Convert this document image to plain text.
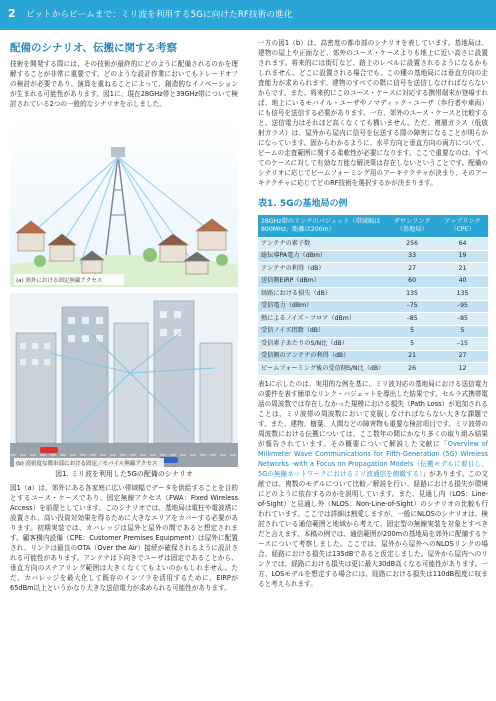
2 ビットからビームまで：ミリ波を利用する5Gに向けたRF技術の進化
配備のシナリオ、伝搬に関する考察

技術を開発する際には、その技術が最終的にどのように配備されるのかを理解することが非常に重要です。どのような設計作業においてもトレードオフの検討が必要であり、演算を重ねることによって、創造的なイノベーションが生まれる可能性があります。図1に、現在28GHz帯と39GHz帯について検討されている2つの一般的なシナリオを示しました。

(a) 郊外における固定無線アクセス
(b) 高密度な都市部における固定／モバイル無線アクセス
図1. ミリ波を利用した5Gの配備のシナリオ

図1（a）は、郊外にある各家庭に広い帯域幅でデータを供給することを目的とするユース・ケースであり、固定無線アクセス（FWA：Fixed Wireless Access）を前提としています。このシナリオでは、基地局は電柱や電波塔に設置され、高い投資対効果を得るために大きなエリアをカバーする必要があります。初期実装では、カバレッジは屋外と屋外の間であると想定されます。顧客構内設備（CPE：Customer Premises Equipment）は屋外に配置され、リンクは最良のOTA（Over the Air）接続が確保されるように設計される可能性があります。アンテナは下向きでユーザは固定であることから、垂直方向のステアリング範囲は大きくなくてもよいのかもしれません。ただ、カバレッジを最大化して既存のインフラを活用するために、EIRPが65dBm以上というかなり大きな送信電力が求められる可能性があります。

一方の図1（b）は、高密度の都市部のシナリオを表しています。基地局は、建物の屋上や正面など、郊外のユース・ケースよりも地上に近い高さに設置されます。将来的には街灯など、路上のレベルに設置されるようになるかもしれません。どこに設置される場合でも、この種の基地局には垂直方向の走査能力が求められます。建物のすべての階に信号を送信しなければならないからです。また、将来的にこのユース・ケースに対応する携帯端末が登場すれば、地上にいるモバイル・ユーザやノマディック・ユーザ（歩行者や車両）にも信号を送信する必要があります。一方、郊外のユース・ケースと比較すると、送信電力はそれほど高くなくても構いません。ただ、複層ガラス（低放射ガラス）は、屋外から屋内に信号を伝送する際の障害になることが明らかになっています。固からわかるように、水平方向と垂直方向の両方について、ビームの走査範囲に関する柔軟性が必要になります。ここで重要なのは、すべてのケースに対して有効な万能な解決策は存在しないということです。配備のシナリオに応じてビームフォーミング用のアーキテクチャが決まり、そのアーキテクチャに応じてどのRF技術を選択するかが決まります。

表1. 5Gの基地局の例
28GHz帯のリンクのバジェット（帯域幅は800MHz、距離は200m）	ダウンリンク（基地局）	アップリンク（CPE）
アンテナの素子数	256	64
総伝導PA電力（dBm）	33	19
アンテナの利得（dB）	27	21
送信側EIRP（dBm）	60	40
経路における損失（dB）	135	135
受信電力（dBm）	–75	–95
熱によるノイズ・フロア（dBm）	–85	–85
受信ノイズ指数（dB）	5	5
受信素子あたりのS/N比（dB）	5	–15
受信側のアンテナの利得（dB）	21	27
ビームフォーミング後の受信側S/N比（dB）	26	12

表1に示したのは、実用的な例を基に、ミリ波対応の基地局における送信電力の要件を表す簡単なリンク・バジェットを導出した結果です。セルラ式携帯電話の周波数では存在しなかった規模における損失（Path Loss）が追加されることは、ミリ波帯の周波数において克服しなければならない大きな課題です。また、建物、樹葉、人間などの障害物も重要な検討項目です。ミリ波帯の周波数における伝搬については、ここ数年の間にかなり多くの取り組み結果が報告されています。その概要について解説した文献に「Overview of Millimeter Wave Communications for Fifth-Generation (5G) Wireless Networks -with a Focus on Propagation Models（伝搬モデルに着目し、5Gの無線ネットワークにおけるミリ波通信を俯瞰する）」があります。この文献では、複数のモデルについて比較／解説を行い、経路における損失が環境にどのように依存するのかを説明しています。また、見通し内（LOS：Line-of-Sight）と見通し外（NLOS：Non-Line-of-Sight）のシナリオの比較も行われています。ここでは詳細は割愛しますが、一般にNLOSのシナリオは、検討されている通信範囲と地域から考えて、固定型の無線実装を対象とすべきだと言えます。本稿の例では、通信範囲が200mの基地局を郊外に配備するケースについて考察しました。ここでは、屋外から屋外へのNLOSリンクの場合、経路における損失は135dBであると仮定しました。屋外から屋内へのリンクでは、経路における損失は更に最大30dB高くなる可能性があります。一方、LOSモデルを想定する場合には、経路における損失は110dB程度に収まると考えられます。
